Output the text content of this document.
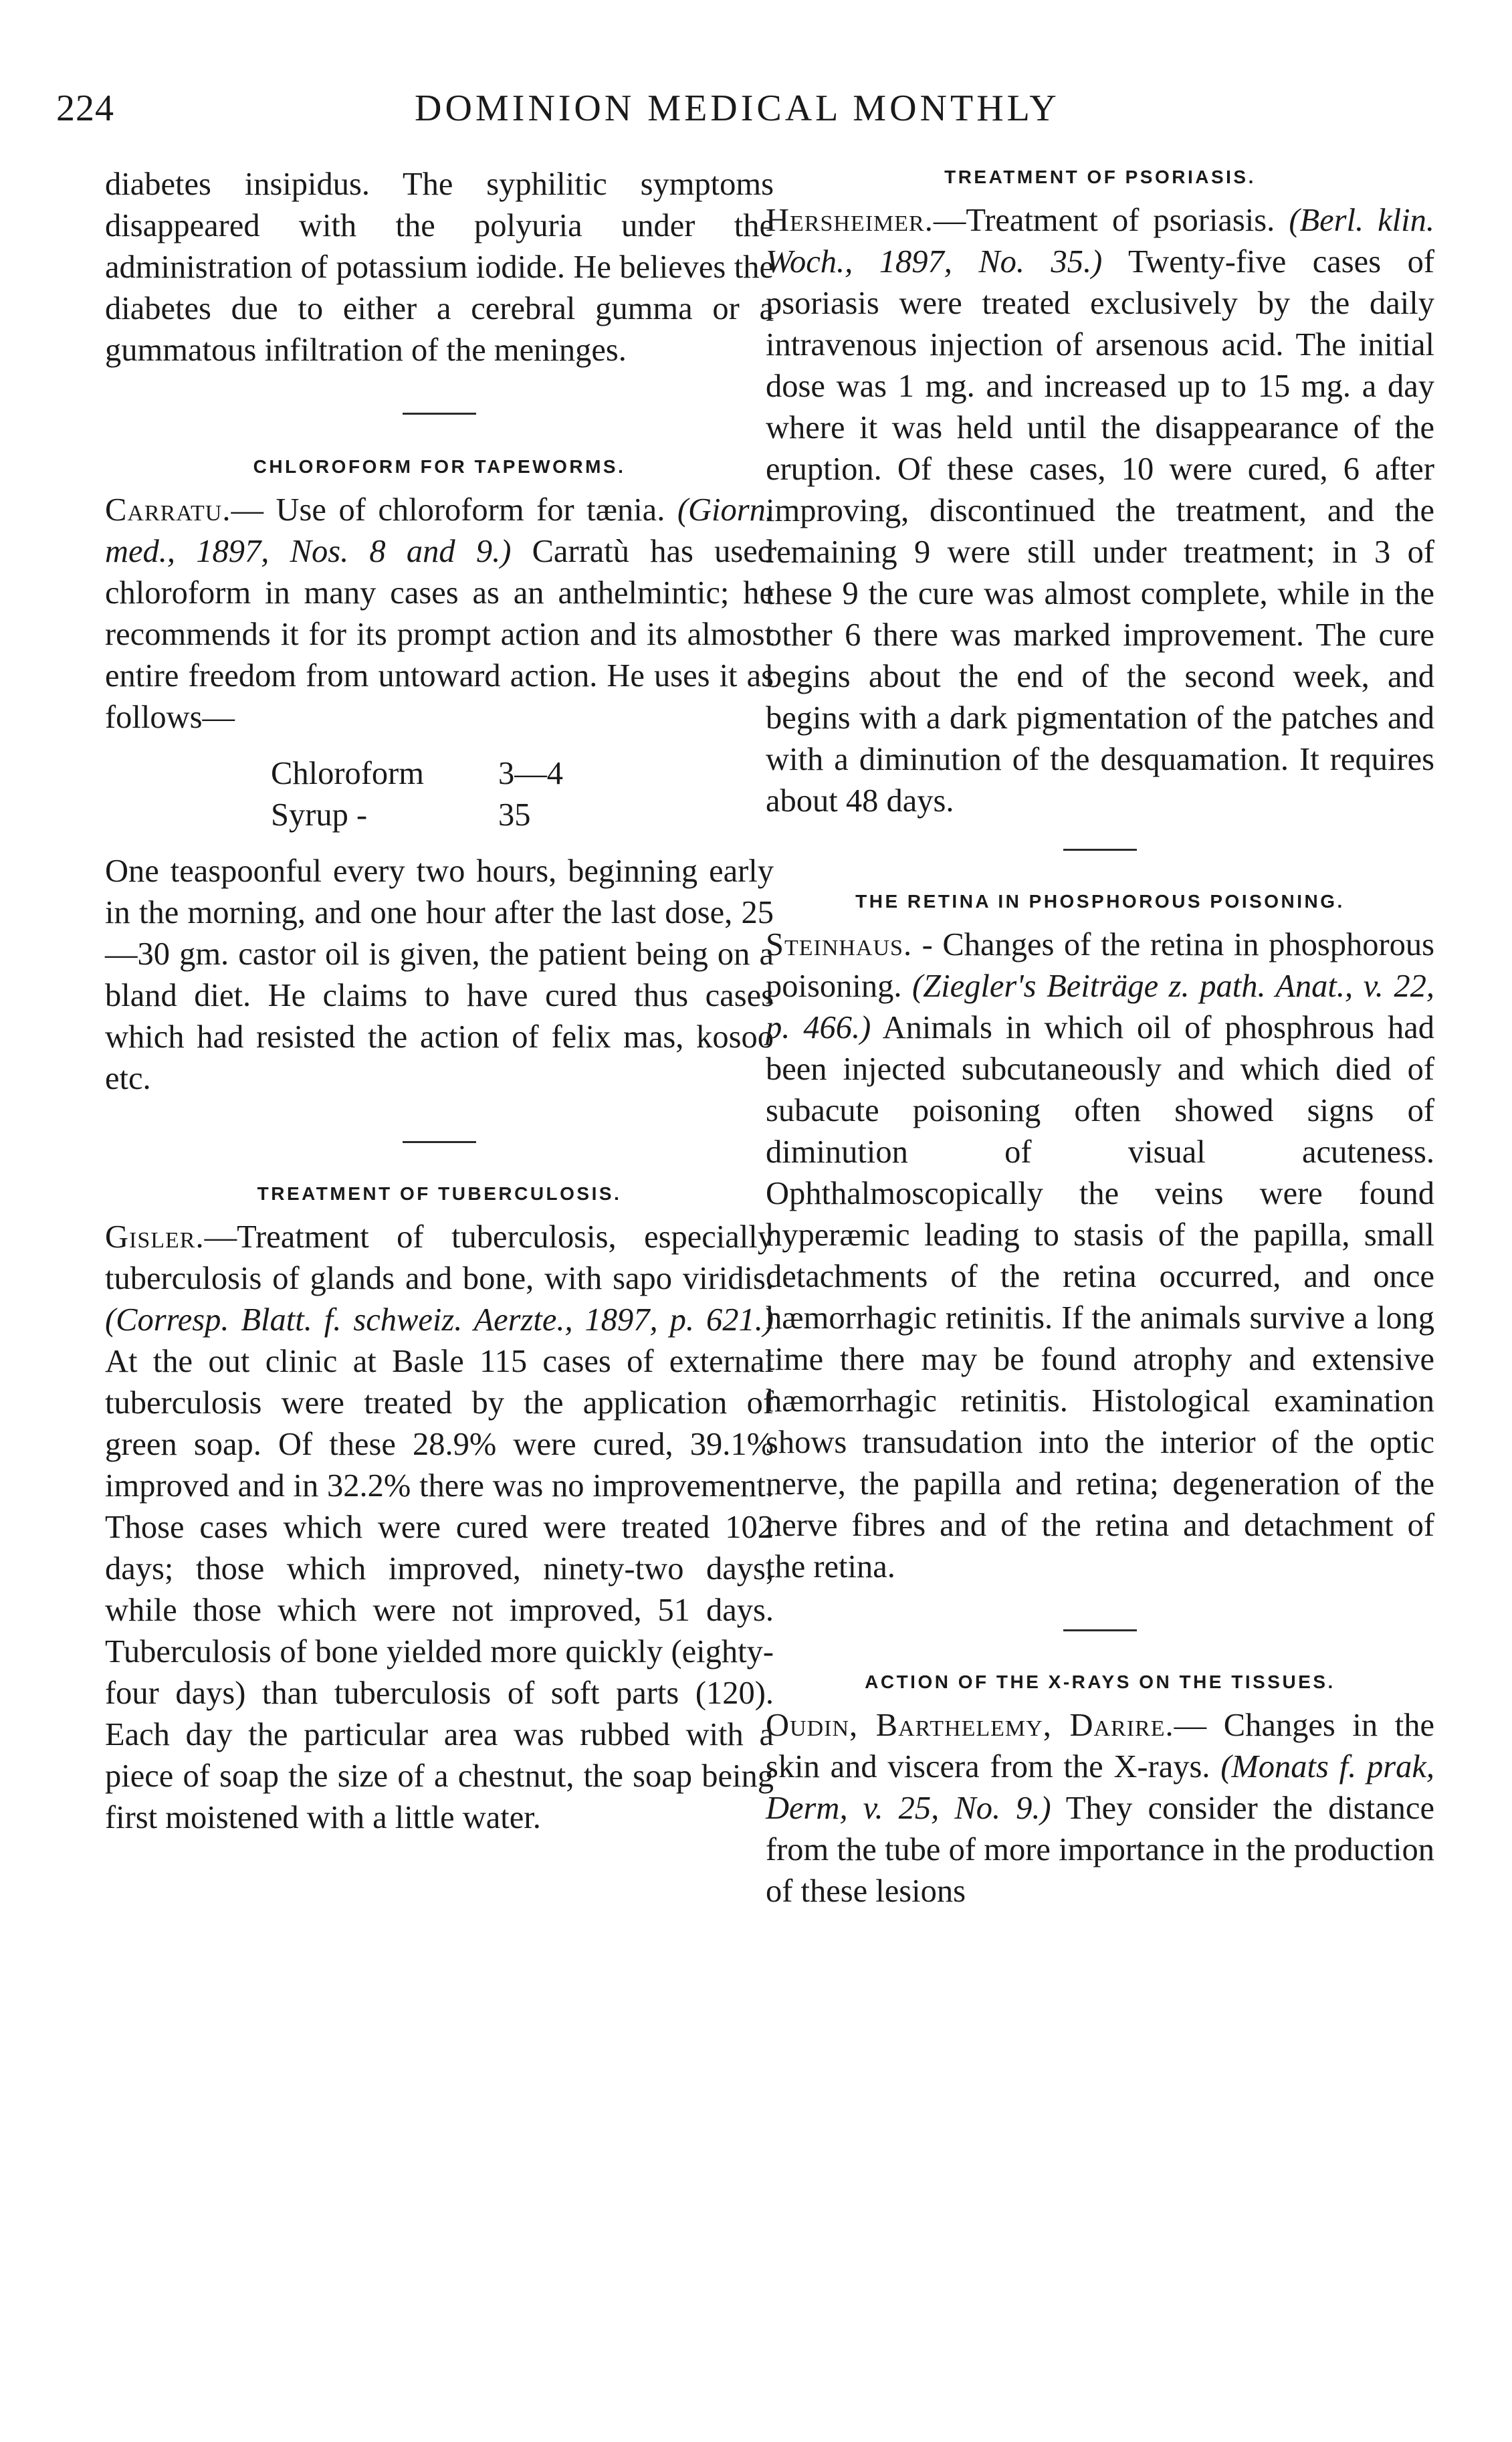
224	DOMINION MEDICAL MONTHLY

diabetes insipidus. The syphilitic symptoms disappeared with the polyuria under the administration of potassium iodide. He believes the diabetes due to either a cerebral gumma or a gummatous infiltration of the meninges.

CHLOROFORM FOR TAPEWORMS.

Carratu.— Use of chloroform for tænia. (Giorn. med., 1897, Nos. 8 and 9.) Carratù has used chloroform in many cases as an anthelmintic; he recommends it for its prompt action and its almost entire freedom from untoward action. He uses it as follows—

Chloroform	3—4
Syrup -	35

One teaspoonful every two hours, beginning early in the morning, and one hour after the last dose, 25—30 gm. castor oil is given, the patient being on a bland diet. He claims to have cured thus cases which had resisted the action of felix mas, kosoo etc.

TREATMENT OF TUBERCULOSIS.

Gisler.—Treatment of tuberculosis, especially tuberculosis of glands and bone, with sapo viridis. (Corresp. Blatt. f. schweiz. Aerzte., 1897, p. 621.) At the out clinic at Basle 115 cases of external tuberculosis were treated by the application of green soap. Of these 28.9% were cured, 39.1% improved and in 32.2% there was no improvement. Those cases which were cured were treated 102 days; those which improved, ninety-two days, while those which were not improved, 51 days. Tuberculosis of bone yielded more quickly (eighty-four days) than tuberculosis of soft parts (120). Each day the particular area was rubbed with a piece of soap the size of a chestnut, the soap being first moistened with a little water.

TREATMENT OF PSORIASIS.

Hersheimer.—Treatment of psoriasis. (Berl. klin. Woch., 1897, No. 35.) Twenty-five cases of psoriasis were treated exclusively by the daily intravenous injection of arsenous acid. The initial dose was 1 mg. and increased up to 15 mg. a day where it was held until the disappearance of the eruption. Of these cases, 10 were cured, 6 after improving, discontinued the treatment, and the remaining 9 were still under treatment; in 3 of these 9 the cure was almost complete, while in the other 6 there was marked improvement. The cure begins about the end of the second week, and begins with a dark pigmentation of the patches and with a diminution of the desquamation. It requires about 48 days.

THE RETINA IN PHOSPHOROUS POISONING.

Steinhaus. - Changes of the retina in phosphorous poisoning. (Ziegler's Beiträge z. path. Anat., v. 22, p. 466.) Animals in which oil of phosphrous had been injected subcutaneously and which died of subacute poisoning often showed signs of diminution of visual acuteness. Ophthalmoscopically the veins were found hyperæmic leading to stasis of the papilla, small detachments of the retina occurred, and once hæmorrhagic retinitis. If the animals survive a long time there may be found atrophy and extensive hæmorrhagic retinitis. Histological examination shows transudation into the interior of the optic nerve, the papilla and retina; degeneration of the nerve fibres and of the retina and detachment of the retina.

ACTION OF THE X-RAYS ON THE TISSUES.

Oudin, Barthelemy, Darire.— Changes in the skin and viscera from the X-rays. (Monats f. prak, Derm, v. 25, No. 9.) They consider the distance from the tube of more importance in the production of these lesions
